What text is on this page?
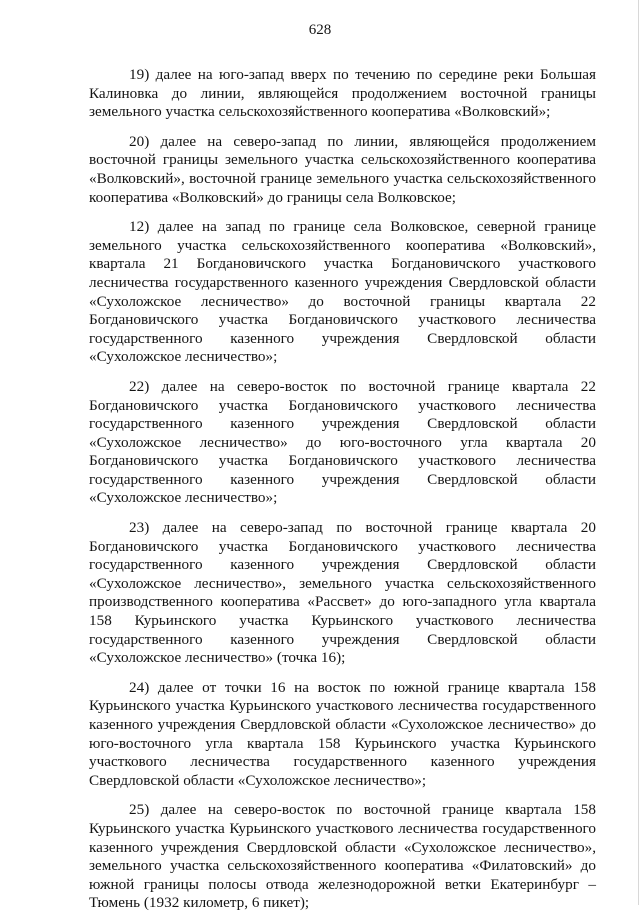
628

19) далее на юго-запад вверх по течению по середине реки Большая Калиновка до линии, являющейся продолжением восточной границы земельного участка сельскохозяйственного кооператива «Волковский»;

20) далее на северо-запад по линии, являющейся продолжением восточной границы земельного участка сельскохозяйственного кооператива «Волковский», восточной границе земельного участка сельскохозяйственного кооператива «Волковский» до границы села Волковское;

12) далее на запад по границе села Волковское, северной границе земельного участка сельскохозяйственного кооператива «Волковский», квартала 21 Богдановичского участка Богдановичского участкового лесничества государственного казенного учреждения Свердловской области «Сухоложское лесничество» до восточной границы квартала 22 Богдановичского участка Богдановичского участкового лесничества государственного казенного учреждения Свердловской области «Сухоложское лесничество»;

22) далее на северо-восток по восточной границе квартала 22 Богдановичского участка Богдановичского участкового лесничества государственного казенного учреждения Свердловской области «Сухоложское лесничество» до юго-восточного угла квартала 20 Богдановичского участка Богдановичского участкового лесничества государственного казенного учреждения Свердловской области «Сухоложское лесничество»;

23) далее на северо-запад по восточной границе квартала 20 Богдановичского участка Богдановичского участкового лесничества государственного казенного учреждения Свердловской области «Сухоложское лесничество», земельного участка сельскохозяйственного производственного кооператива «Рассвет» до юго-западного угла квартала 158 Курьинского участка Курьинского участкового лесничества государственного казенного учреждения Свердловской области «Сухоложское лесничество» (точка 16);

24) далее от точки 16 на восток по южной границе квартала 158 Курьинского участка Курьинского участкового лесничества государственного казенного учреждения Свердловской области «Сухоложское лесничество» до юго-восточного угла квартала 158 Курьинского участка Курьинского участкового лесничества государственного казенного учреждения Свердловской области «Сухоложское лесничество»;

25) далее на северо-восток по восточной границе квартала 158 Курьинского участка Курьинского участкового лесничества государственного казенного учреждения Свердловской области «Сухоложское лесничество», земельного участка сельскохозяйственного кооператива «Филатовский» до южной границы полосы отвода железнодорожной ветки Екатеринбург – Тюмень (1932 километр, 6 пикет);
